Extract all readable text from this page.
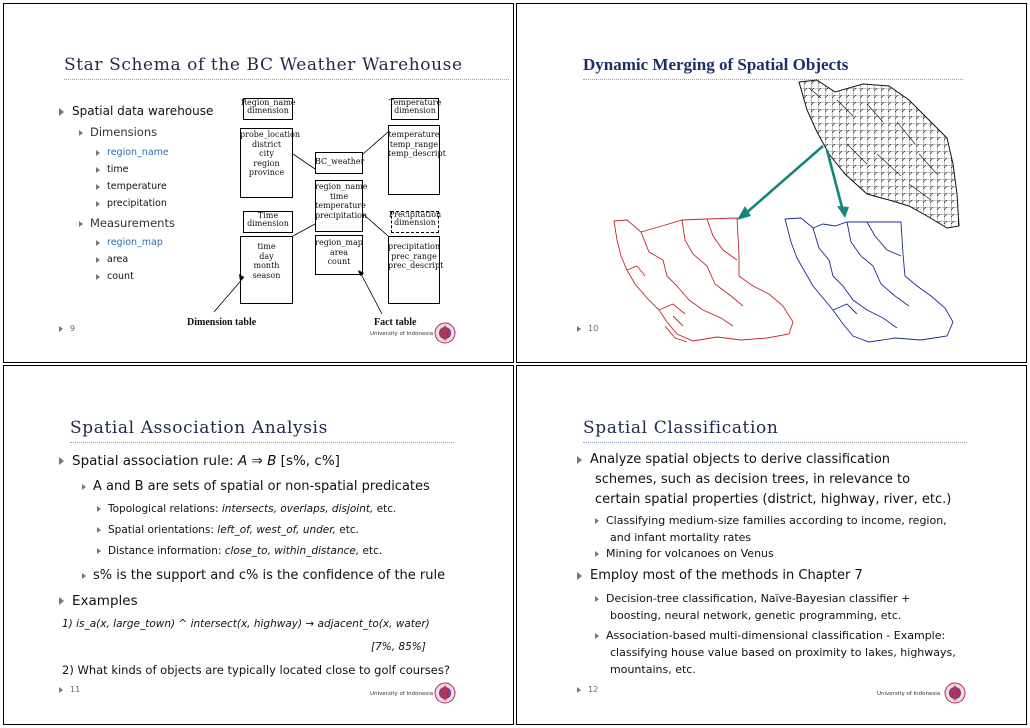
Star Schema of the BC Weather Warehouse
Spatial data warehouse
Dimensions
region_name
time
temperature
precipitation
Measurements
region_map
area
count
Region_name dimension
probe_location
district
city
region
province
Time dimension
time
day
month
season
BC_weather
region_name
time
temperature
precipitation
region_map
area
count
Temperature dimension
temperature
temp_range
temp_descript
Precipitation dimension
precipitation
prec_range
prec_descript
Dimension table	Fact table
9
University of Indonesia
Dynamic Merging of Spatial Objects
10
Spatial Association Analysis
Spatial association rule: A ⇒ B [s%, c%]
A and B are sets of spatial or non-spatial predicates
Topological relations: intersects, overlaps, disjoint, etc.
Spatial orientations: left_of, west_of, under, etc.
Distance information: close_to, within_distance, etc.
s% is the support and c% is the confidence of the rule
Examples
1) is_a(x, large_town) ^ intersect(x, highway) → adjacent_to(x, water)
[7%, 85%]
2) What kinds of objects are typically located close to golf courses?
11	University of Indonesia
Spatial Classification
Analyze spatial objects to derive classification
schemes, such as decision trees, in relevance to
certain spatial properties (district, highway, river, etc.)
Classifying medium-size families according to income, region,
and infant mortality rates
Mining for volcanoes on Venus
Employ most of the methods in Chapter 7
Decision-tree classification, Naïve-Bayesian classifier +
boosting, neural network, genetic programming, etc.
Association-based multi-dimensional classification - Example:
classifying house value based on proximity to lakes, highways,
mountains, etc.
12	University of Indonesia
